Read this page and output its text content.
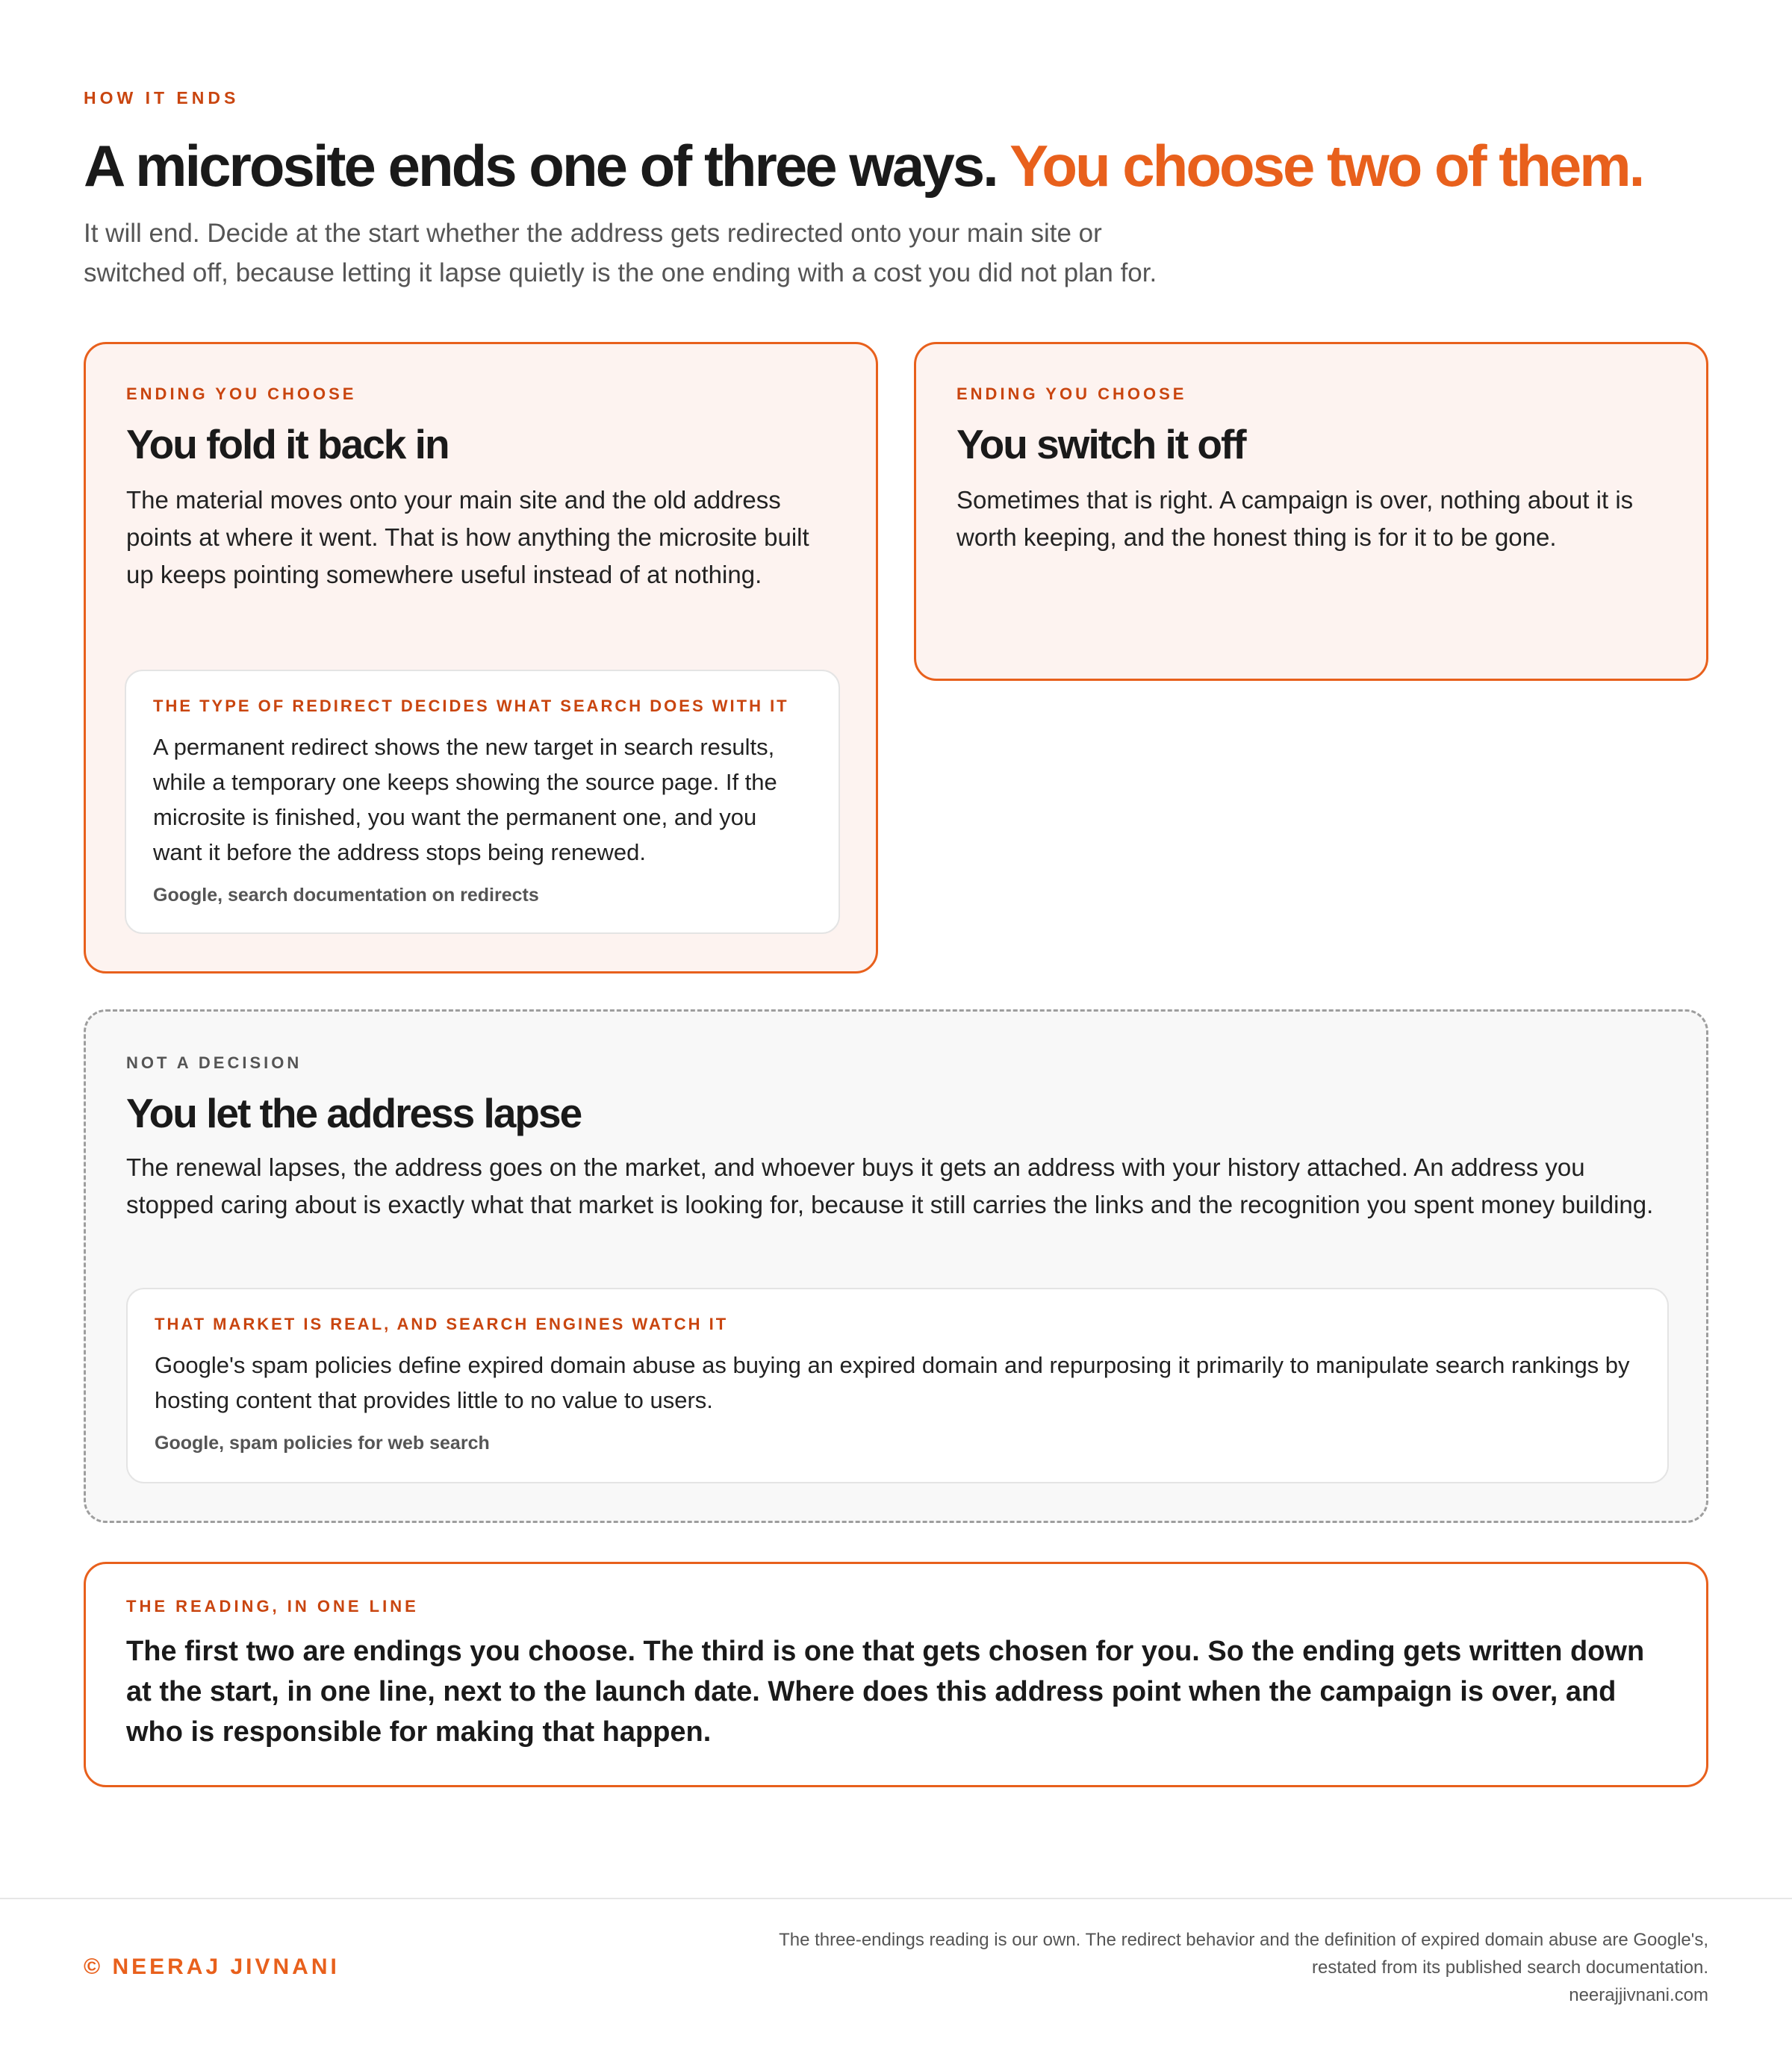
HOW IT ENDS
A microsite ends one of three ways. You choose two of them.
It will end. Decide at the start whether the address gets redirected onto your main site or
switched off, because letting it lapse quietly is the one ending with a cost you did not plan for.
ENDING YOU CHOOSE
You fold it back in
The material moves onto your main site and the old address points at where it went. That is how anything the microsite built up keeps pointing somewhere useful instead of at nothing.
THE TYPE OF REDIRECT DECIDES WHAT SEARCH DOES WITH IT
A permanent redirect shows the new target in search results, while a temporary one keeps showing the source page. If the microsite is finished, you want the permanent one, and you want it before the address stops being renewed.
Google, search documentation on redirects
ENDING YOU CHOOSE
You switch it off
Sometimes that is right. A campaign is over, nothing about it is worth keeping, and the honest thing is for it to be gone.
NOT A DECISION
You let the address lapse
The renewal lapses, the address goes on the market, and whoever buys it gets an address with your history attached. An address you stopped caring about is exactly what that market is looking for, because it still carries the links and the recognition you spent money building.
THAT MARKET IS REAL, AND SEARCH ENGINES WATCH IT
Google's spam policies define expired domain abuse as buying an expired domain and repurposing it primarily to manipulate search rankings by hosting content that provides little to no value to users.
Google, spam policies for web search
THE READING, IN ONE LINE
The first two are endings you choose. The third is one that gets chosen for you. So the ending gets written down at the start, in one line, next to the launch date. Where does this address point when the campaign is over, and who is responsible for making that happen.
© NEERAJ JIVNANI
The three-endings reading is our own. The redirect behavior and the definition of expired domain abuse are Google's,
restated from its published search documentation.
neerajjivnani.com
